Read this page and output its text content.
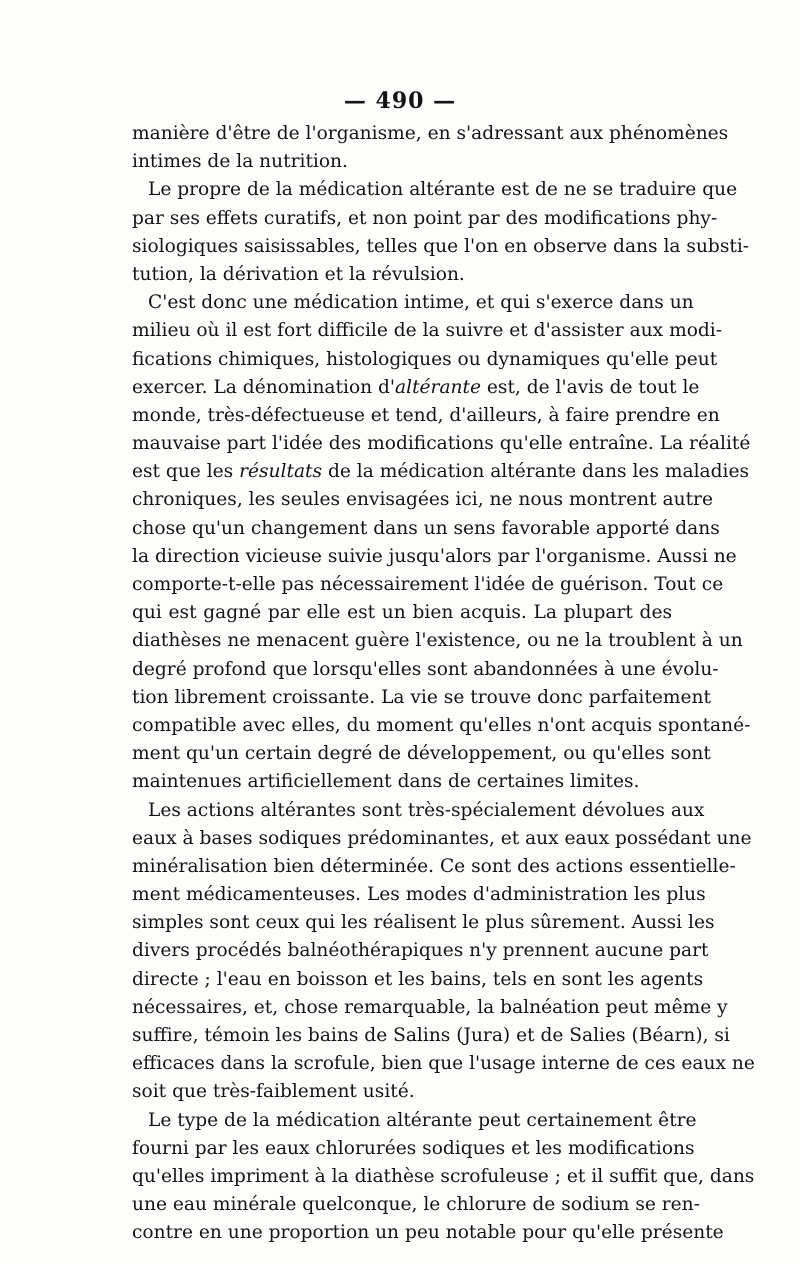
— 490 —
manière d'être de l'organisme, en s'adressant aux phénomènes
intimes de la nutrition.
Le propre de la médication altérante est de ne se traduire que
par ses effets curatifs, et non point par des modifications phy-
siologiques saisissables, telles que l'on en observe dans la substi-
tution, la dérivation et la révulsion.
C'est donc une médication intime, et qui s'exerce dans un
milieu où il est fort difficile de la suivre et d'assister aux modi-
fications chimiques, histologiques ou dynamiques qu'elle peut
exercer. La dénomination d'altérante est, de l'avis de tout le
monde, très-défectueuse et tend, d'ailleurs, à faire prendre en
mauvaise part l'idée des modifications qu'elle entraîne. La réalité
est que les résultats de la médication altérante dans les maladies
chroniques, les seules envisagées ici, ne nous montrent autre
chose qu'un changement dans un sens favorable apporté dans
la direction vicieuse suivie jusqu'alors par l'organisme. Aussi ne
comporte-t-elle pas nécessairement l'idée de guérison. Tout ce
qui est gagné par elle est un bien acquis. La plupart des
diathèses ne menacent guère l'existence, ou ne la troublent à un
degré profond que lorsqu'elles sont abandonnées à une évolu-
tion librement croissante. La vie se trouve donc parfaitement
compatible avec elles, du moment qu'elles n'ont acquis spontané-
ment qu'un certain degré de développement, ou qu'elles sont
maintenues artificiellement dans de certaines limites.
Les actions altérantes sont très-spécialement dévolues aux
eaux à bases sodiques prédominantes, et aux eaux possédant une
minéralisation bien déterminée. Ce sont des actions essentielle-
ment médicamenteuses. Les modes d'administration les plus
simples sont ceux qui les réalisent le plus sûrement. Aussi les
divers procédés balnéothérapiques n'y prennent aucune part
directe ; l'eau en boisson et les bains, tels en sont les agents
nécessaires, et, chose remarquable, la balnéation peut même y
suffire, témoin les bains de Salins (Jura) et de Salies (Béarn), si
efficaces dans la scrofule, bien que l'usage interne de ces eaux ne
soit que très-faiblement usité.
Le type de la médication altérante peut certainement être
fourni par les eaux chlorurées sodiques et les modifications
qu'elles impriment à la diathèse scrofuleuse ; et il suffit que, dans
une eau minérale quelconque, le chlorure de sodium se ren-
contre en une proportion un peu notable pour qu'elle présente
